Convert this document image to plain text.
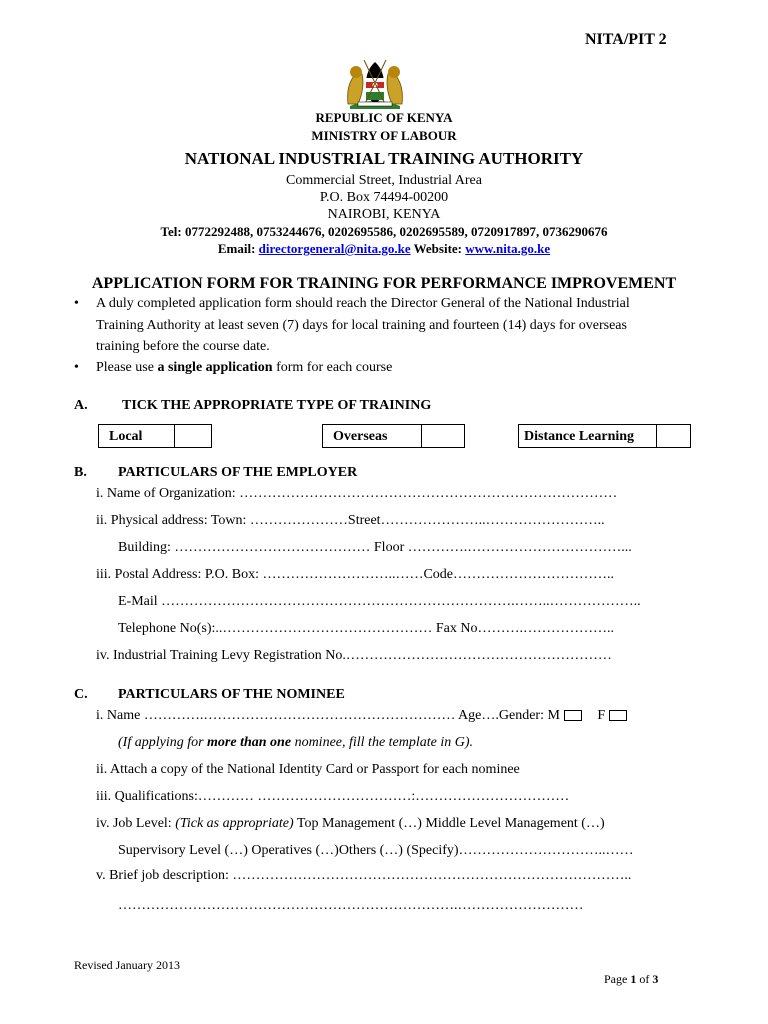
NITA/PIT 2
REPUBLIC OF KENYA
MINISTRY OF LABOUR
NATIONAL INDUSTRIAL TRAINING AUTHORITY
Commercial Street, Industrial Area
P.O. Box 74494-00200
NAIROBI, KENYA
Tel: 0772292488, 0753244676, 0202695586, 0202695589, 0720917897, 0736290676
Email: directorgeneral@nita.go.ke Website: www.nita.go.ke
APPLICATION FORM FOR TRAINING FOR PERFORMANCE IMPROVEMENT
• A duly completed application form should reach the Director General of the National Industrial
Training Authority at least seven (7) days for local training and fourteen (14) days for overseas
training before the course date.
• Please use a single application form for each course
A. TICK THE APPROPRIATE TYPE OF TRAINING
Local	Overseas	Distance Learning
B. PARTICULARS OF THE EMPLOYER
i. Name of Organization: ………………………………………………………………………
ii. Physical address: Town: …………………Street…………………..……………………..
Building: …………………………………… Floor ………….……………………………...
iii. Postal Address: P.O. Box: ………………………..……Code……………………………..
E-Mail ………………………………………………………………….……..………………..
Telephone No(s):..……………………………………… Fax No……….………………..
iv. Industrial Training Levy Registration No.…………………………………………………
C. PARTICULARS OF THE NOMINEE
i. Name ………….……………………………………………… Age….Gender: M	F
(If applying for more than one nominee, fill the template in G).
ii. Attach a copy of the National Identity Card or Passport for each nominee
iii. Qualifications:………… ……………………………:……………………………
iv. Job Level: (Tick as appropriate) Top Management (…) Middle Level Management (…)
Supervisory Level (…) Operatives (…)Others (…) (Specify)…………………………..……
v. Brief job description: …………………………………………………………………………..
……………………………………………………………….………………………
Revised January 2013
Page 1 of 3
